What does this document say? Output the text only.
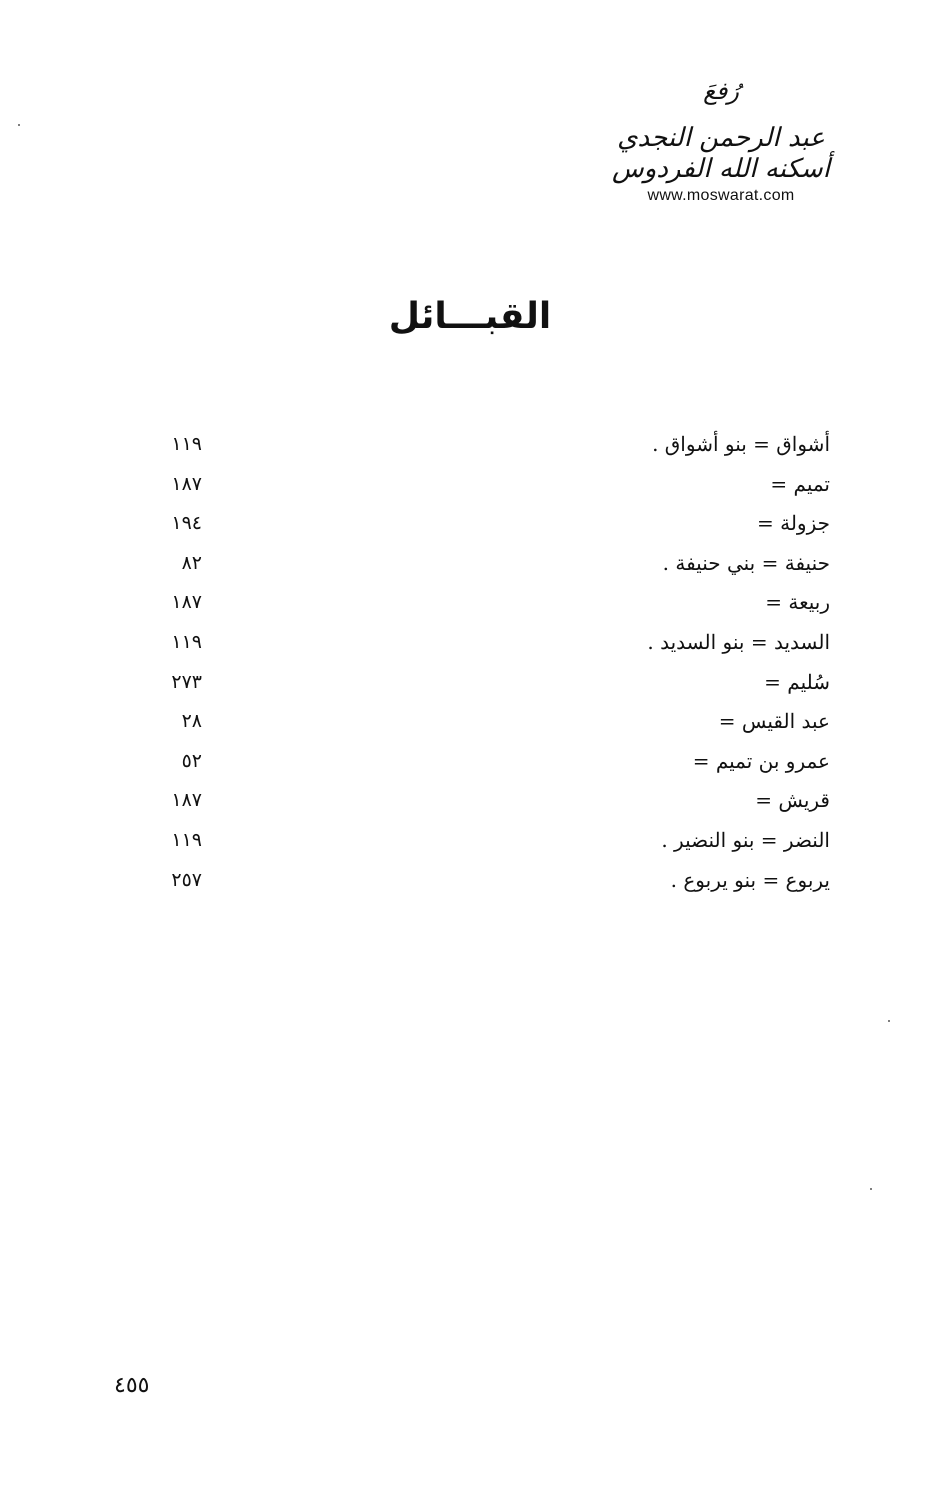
رُفعَ
عبد الرحمن النجدي
أسكنه الله الفردوس
www.moswarat.com
القبـــائل
أشواق = بنو أشواق .
١١٩
تميم =
١٨٧
جزولة =
١٩٤
حنيفة = بني حنيفة .
٨٢
ربيعة =
١٨٧
السديد = بنو السديد .
١١٩
سُليم =
٢٧٣
عبد القيس =
٢٨
عمرو بن تميم =
٥٢
قريش =
١٨٧
النضر = بنو النضير .
١١٩
يربوع = بنو يربوع .
٢٥٧
٤٥٥
